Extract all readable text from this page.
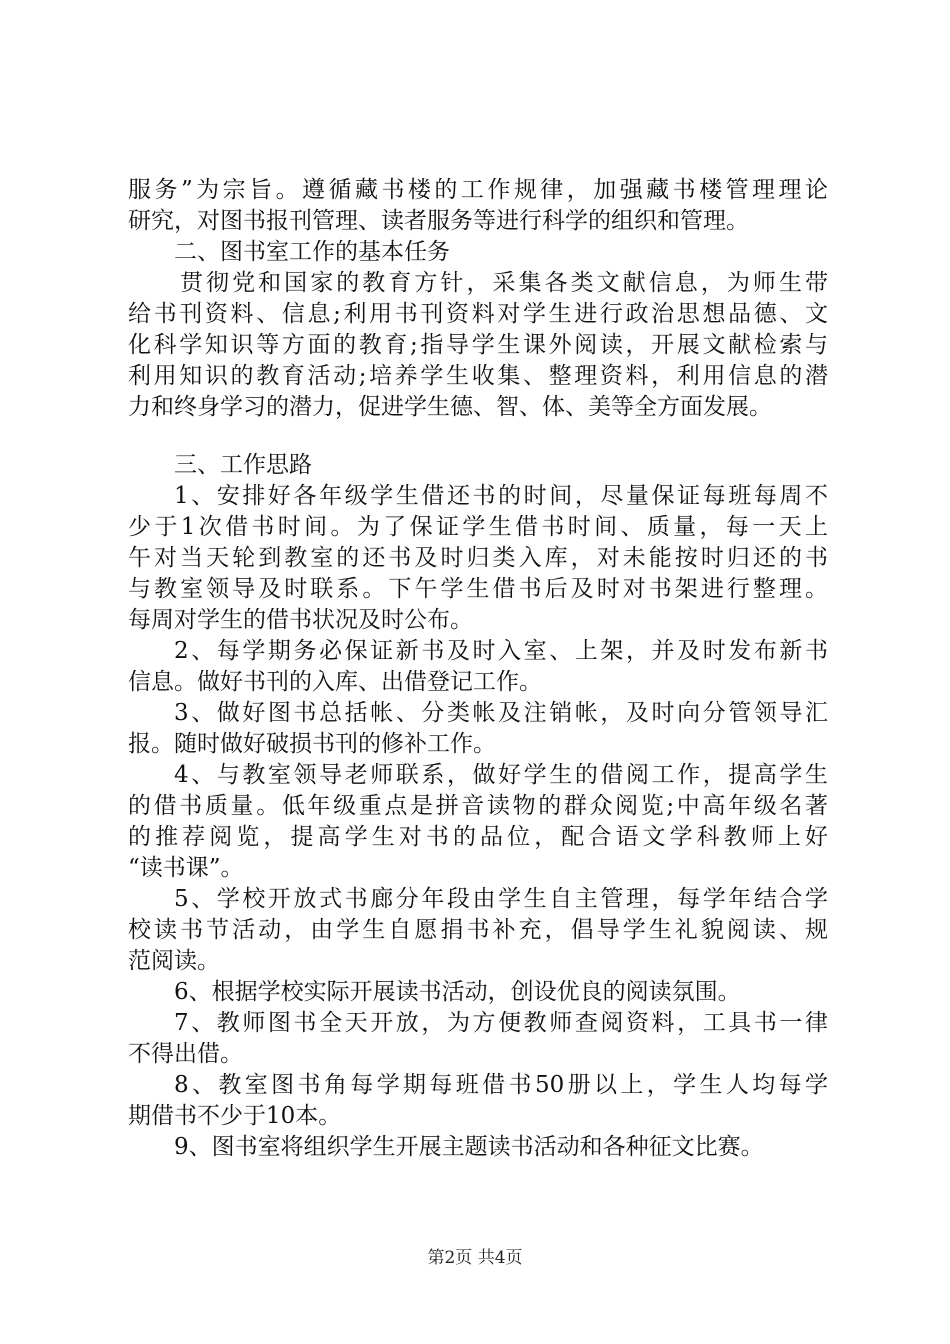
服务”为宗旨。遵循藏书楼的工作规律，加强藏书楼管理理论
研究，对图书报刊管理、读者服务等进行科学的组织和管理。
二、图书室工作的基本任务
贯彻党和国家的教育方针，采集各类文献信息，为师生带
给书刊资料、信息;利用书刊资料对学生进行政治思想品德、文
化科学知识等方面的教育;指导学生课外阅读，开展文献检索与
利用知识的教育活动;培养学生收集、整理资料，利用信息的潜
力和终身学习的潜力，促进学生德、智、体、美等全方面发展。
三、工作思路
1、安排好各年级学生借还书的时间，尽量保证每班每周不
少于1次借书时间。为了保证学生借书时间、质量，每一天上
午对当天轮到教室的还书及时归类入库，对未能按时归还的书
与教室领导及时联系。下午学生借书后及时对书架进行整理。
每周对学生的借书状况及时公布。
2、每学期务必保证新书及时入室、上架，并及时发布新书
信息。做好书刊的入库、出借登记工作。
3、做好图书总括帐、分类帐及注销帐，及时向分管领导汇
报。随时做好破损书刊的修补工作。
4、与教室领导老师联系，做好学生的借阅工作，提高学生
的借书质量。低年级重点是拼音读物的群众阅览;中高年级名著
的推荐阅览，提高学生对书的品位，配合语文学科教师上好
“读书课”。
5、学校开放式书廊分年段由学生自主管理，每学年结合学
校读书节活动，由学生自愿捐书补充，倡导学生礼貌阅读、规
范阅读。
6、根据学校实际开展读书活动，创设优良的阅读氛围。
7、教师图书全天开放，为方便教师查阅资料，工具书一律
不得出借。
8、教室图书角每学期每班借书50册以上，学生人均每学
期借书不少于10本。
9、图书室将组织学生开展主题读书活动和各种征文比赛。
第2页 共4页
